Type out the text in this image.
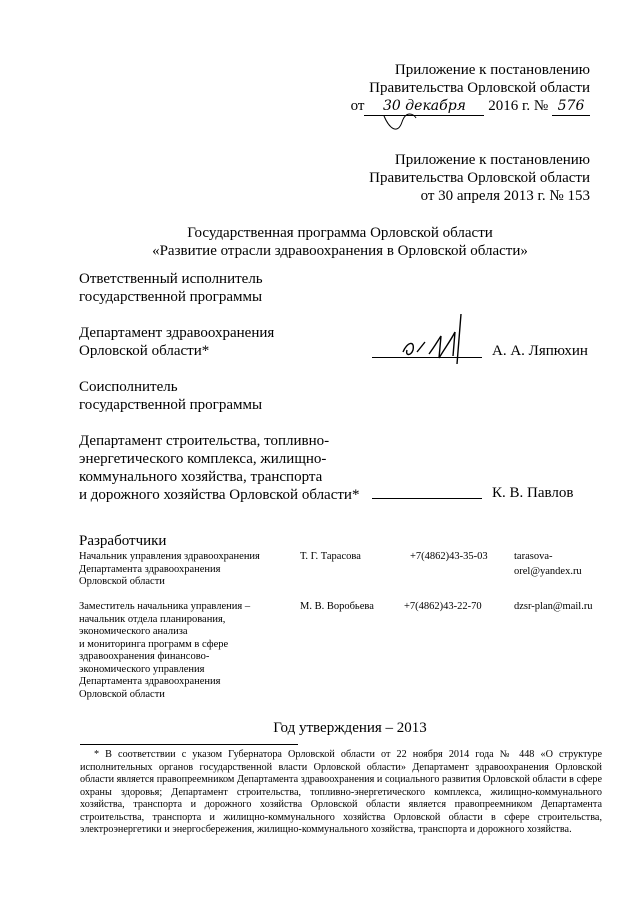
Приложение к постановлению
Правительства Орловской области
от 30 декабря 2016 г. № 576
Приложение к постановлению
Правительства Орловской области
от 30 апреля 2013 г. № 153
Государственная программа Орловской области
«Развитие отрасли здравоохранения в Орловской области»
Ответственный исполнитель
государственной программы
Департамент здравоохранения
Орловской области*	А. А. Ляпюхин
Соисполнитель
государственной программы
Департамент строительства, топливно-
энергетического комплекса, жилищно-
коммунального хозяйства, транспорта
и дорожного хозяйства Орловской области*	К. В. Павлов
Разработчики
Начальник управления здравоохранения
Департамента здравоохранения
Орловской области
Т. Г. Тарасова	+7(4862)43-35-03	tarasova-
orel@yandex.ru
Заместитель начальника управления –
начальник отдела планирования,
экономического анализа
и мониторинга программ в сфере
здравоохранения финансово-
экономического управления
Департамента здравоохранения
Орловской области
М. В. Воробьева	+7(4862)43-22-70	dzsr-plan@mail.ru
Год утверждения – 2013
* В соответствии с указом Губернатора Орловской области от 22 ноября 2014 года № 448 «О структуре исполнительных органов государственной власти Орловской области» Департамент здравоохранения Орловской области является правопреемником Департамента здравоохранения и социального развития Орловской области в сфере охраны здоровья; Департамент строительства, топливно-энергетического комплекса, жилищно-коммунального хозяйства, транспорта и дорожного хозяйства Орловской области является правопреемником Департамента строительства, транспорта и жилищно-коммунального хозяйства Орловской области в сфере строительства, электроэнергетики и энергосбережения, жилищно-коммунального хозяйства, транспорта и дорожного хозяйства.
